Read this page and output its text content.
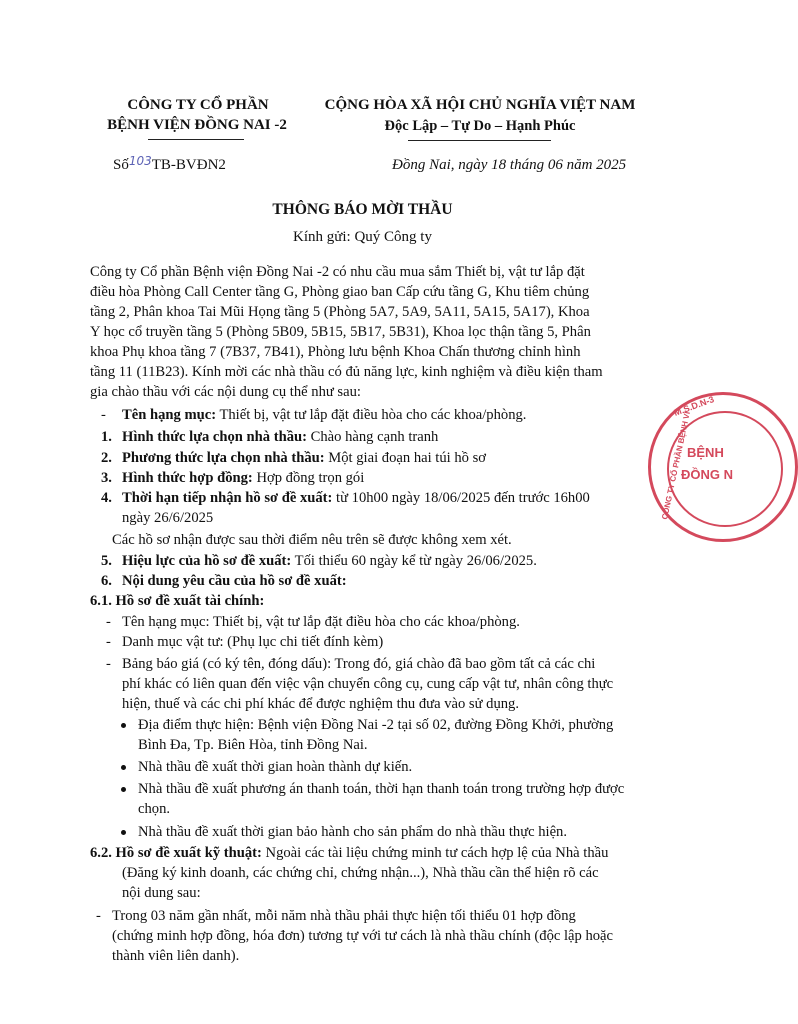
CÔNG TY CỔ PHẦN
BỆNH VIỆN ĐỒNG NAI -2
CỘNG HÒA XÃ HỘI CHỦ NGHĨA VIỆT NAM
Độc Lập – Tự Do – Hạnh Phúc
Số$^{103}$TB-BVĐN2	Đồng Nai, ngày 18 tháng 06 năm 2025
THÔNG BÁO MỜI THẦU
Kính gửi: Quý Công ty
Công ty Cổ phần Bệnh viện Đồng Nai -2 có nhu cầu mua sắm Thiết bị, vật tư lắp đặt
điều hòa Phòng Call Center tầng G, Phòng giao ban Cấp cứu tầng G, Khu tiêm chủng
tầng 2, Phân khoa Tai Mũi Họng tầng 5 (Phòng 5A7, 5A9, 5A11, 5A15, 5A17), Khoa
Y học cổ truyền tầng 5 (Phòng 5B09, 5B15, 5B17, 5B31), Khoa lọc thận tầng 5, Phân
khoa Phụ khoa tầng 7 (7B37, 7B41), Phòng lưu bệnh Khoa Chấn thương chỉnh hình
tầng 11 (11B23). Kính mời các nhà thầu có đủ năng lực, kinh nghiệm và điều kiện tham
gia chào thầu với các nội dung cụ thể như sau:
- Tên hạng mục: Thiết bị, vật tư lắp đặt điều hòa cho các khoa/phòng.
1. Hình thức lựa chọn nhà thầu: Chào hàng cạnh tranh
2. Phương thức lựa chọn nhà thầu: Một giai đoạn hai túi hồ sơ
3. Hình thức hợp đồng: Hợp đồng trọn gói
4. Thời hạn tiếp nhận hồ sơ đề xuất: từ 10h00 ngày 18/06/2025 đến trước 16h00
ngày 26/6/2025
Các hồ sơ nhận được sau thời điểm nêu trên sẽ được không xem xét.
5. Hiệu lực của hồ sơ đề xuất: Tối thiểu 60 ngày kể từ ngày 26/06/2025.
6. Nội dung yêu cầu của hồ sơ đề xuất:
6.1. Hồ sơ đề xuất tài chính:
- Tên hạng mục: Thiết bị, vật tư lắp đặt điều hòa cho các khoa/phòng.
- Danh mục vật tư: (Phụ lục chi tiết đính kèm)
- Bảng báo giá (có ký tên, đóng dấu): Trong đó, giá chào đã bao gồm tất cả các chi
phí khác có liên quan đến việc vận chuyển công cụ, cung cấp vật tư, nhân công thực
hiện, thuế và các chi phí khác để được nghiệm thu đưa vào sử dụng.
Địa điểm thực hiện: Bệnh viện Đồng Nai -2 tại số 02, đường Đồng Khởi, phường
Bình Đa, Tp. Biên Hòa, tỉnh Đồng Nai.
Nhà thầu đề xuất thời gian hoàn thành dự kiến.
Nhà thầu đề xuất phương án thanh toán, thời hạn thanh toán trong trường hợp được
chọn.
Nhà thầu đề xuất thời gian bảo hành cho sản phẩm do nhà thầu thực hiện.
6.2. Hồ sơ đề xuất kỹ thuật: Ngoài các tài liệu chứng minh tư cách hợp lệ của Nhà thầu
(Đăng ký kinh doanh, các chứng chỉ, chứng nhận...), Nhà thầu cần thể hiện rõ các
nội dung sau:
- Trong 03 năm gần nhất, mỗi năm nhà thầu phải thực hiện tối thiểu 01 hợp đồng
(chứng minh hợp đồng, hóa đơn) tương tự với tư cách là nhà thầu chính (độc lập hoặc
thành viên liên danh).
M.S.D.N-3
BỆNH
ĐỒNG N
CÔNG TY CỔ PHẦN BỆNH VI
